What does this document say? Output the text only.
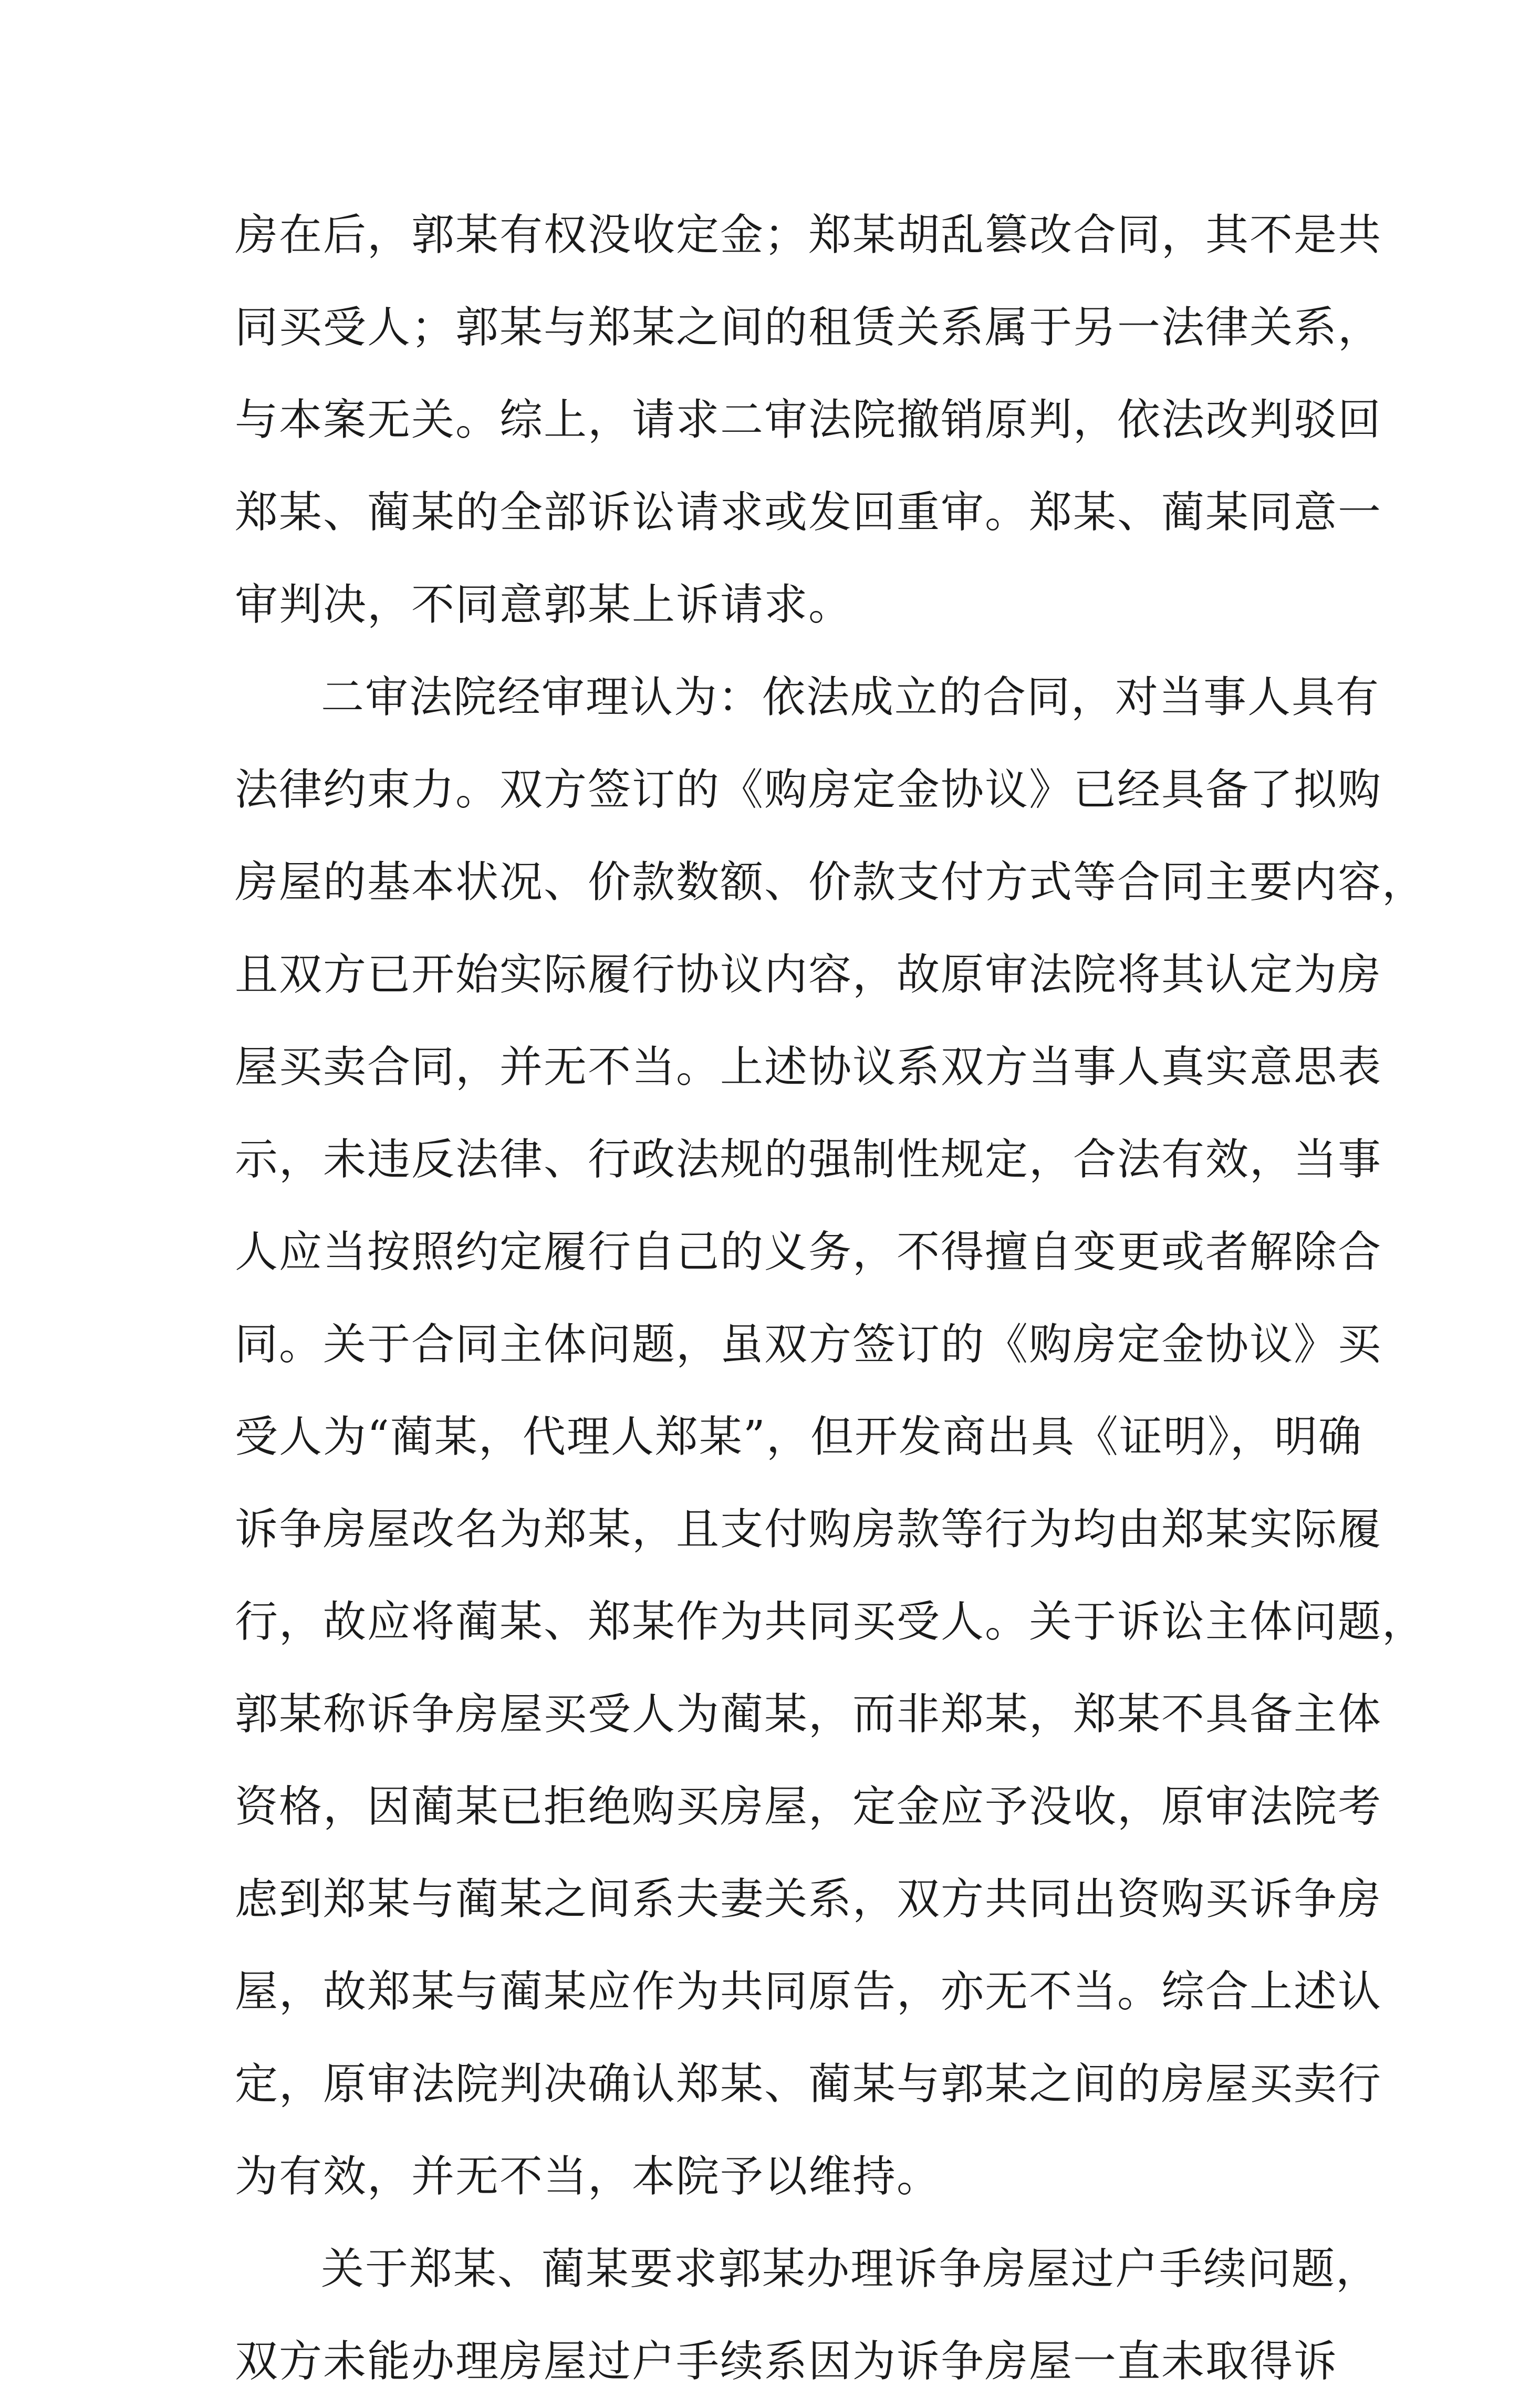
房在后，郭某有权没收定金；郑某胡乱篡改合同，其不是共
同买受人；郭某与郑某之间的租赁关系属于另一法律关系，
与本案无关。综上，请求二审法院撤销原判，依法改判驳回
郑某、蔺某的全部诉讼请求或发回重审。郑某、蔺某同意一
审判决，不同意郭某上诉请求。
二审法院经审理认为：依法成立的合同，对当事人具有
法律约束力。双方签订的《购房定金协议》已经具备了拟购
房屋的基本状况、价款数额、价款支付方式等合同主要内容，
且双方已开始实际履行协议内容，故原审法院将其认定为房
屋买卖合同，并无不当。上述协议系双方当事人真实意思表
示，未违反法律、行政法规的强制性规定，合法有效，当事
人应当按照约定履行自己的义务，不得擅自变更或者解除合
同。关于合同主体问题，虽双方签订的《购房定金协议》买
受人为“蔺某，代理人郑某”，但开发商出具《证明》，明确
诉争房屋改名为郑某，且支付购房款等行为均由郑某实际履
行，故应将蔺某、郑某作为共同买受人。关于诉讼主体问题，
郭某称诉争房屋买受人为蔺某，而非郑某，郑某不具备主体
资格，因蔺某已拒绝购买房屋，定金应予没收，原审法院考
虑到郑某与蔺某之间系夫妻关系，双方共同出资购买诉争房
屋，故郑某与蔺某应作为共同原告，亦无不当。综合上述认
定，原审法院判决确认郑某、蔺某与郭某之间的房屋买卖行
为有效，并无不当，本院予以维持。
关于郑某、蔺某要求郭某办理诉争房屋过户手续问题，
双方未能办理房屋过户手续系因为诉争房屋一直未取得诉
